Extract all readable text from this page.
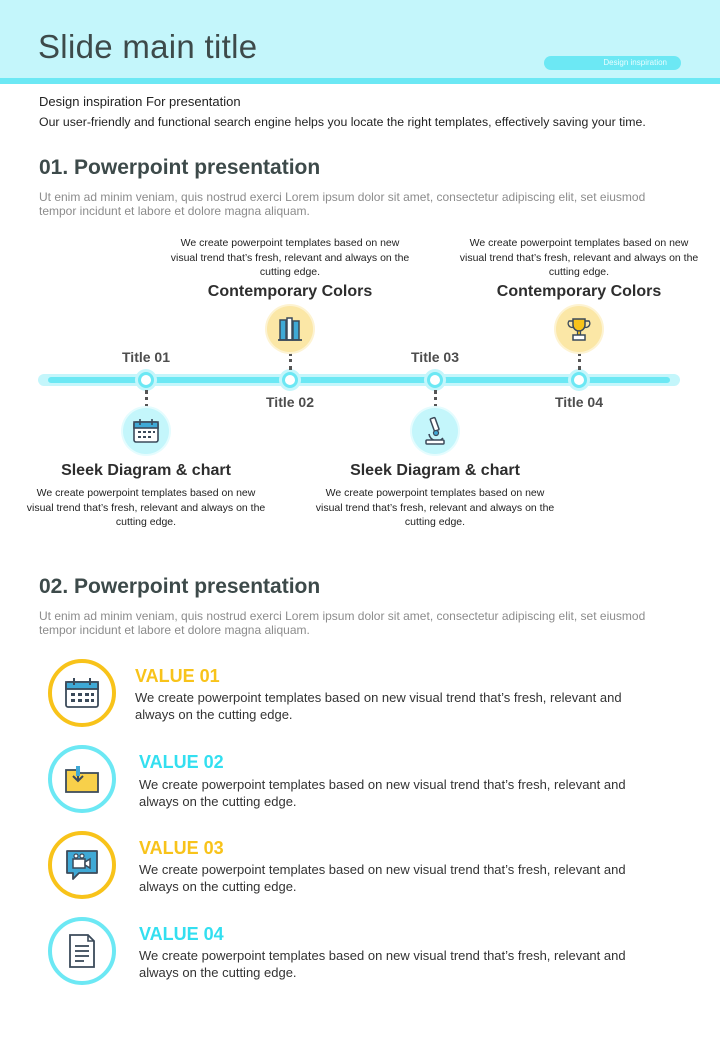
Slide main title	Design inspiration
Design inspiration For presentation
Our user-friendly and functional search engine helps you locate the right templates, effectively saving your time.
01. Powerpoint presentation
Ut enim ad minim veniam, quis nostrud exerci Lorem ipsum dolor sit amet, consectetur adipiscing elit, set eiusmod tempor incidunt et labore et dolore magna aliquam.
Title 01
Title 02
Title 03
Title 04
Sleek Diagram & chart
We create powerpoint templates based on new visual trend that’s fresh, relevant and always on the cutting edge.
Contemporary Colors
We create powerpoint templates based on new visual trend that’s fresh, relevant and always on the cutting edge.
Sleek Diagram & chart
We create powerpoint templates based on new visual trend that’s fresh, relevant and always on the cutting edge.
Contemporary Colors
We create powerpoint templates based on new visual trend that’s fresh, relevant and always on the cutting edge.
02. Powerpoint presentation
Ut enim ad minim veniam, quis nostrud exerci Lorem ipsum dolor sit amet, consectetur adipiscing elit, set eiusmod tempor incidunt et labore et dolore magna aliquam.
VALUE 01
We create powerpoint templates based on new visual trend that’s fresh, relevant and always on the cutting edge.
VALUE 02
We create powerpoint templates based on new visual trend that’s fresh, relevant and always on the cutting edge.
VALUE 03
We create powerpoint templates based on new visual trend that’s fresh, relevant and always on the cutting edge.
VALUE 04
We create powerpoint templates based on new visual trend that’s fresh, relevant and always on the cutting edge.
